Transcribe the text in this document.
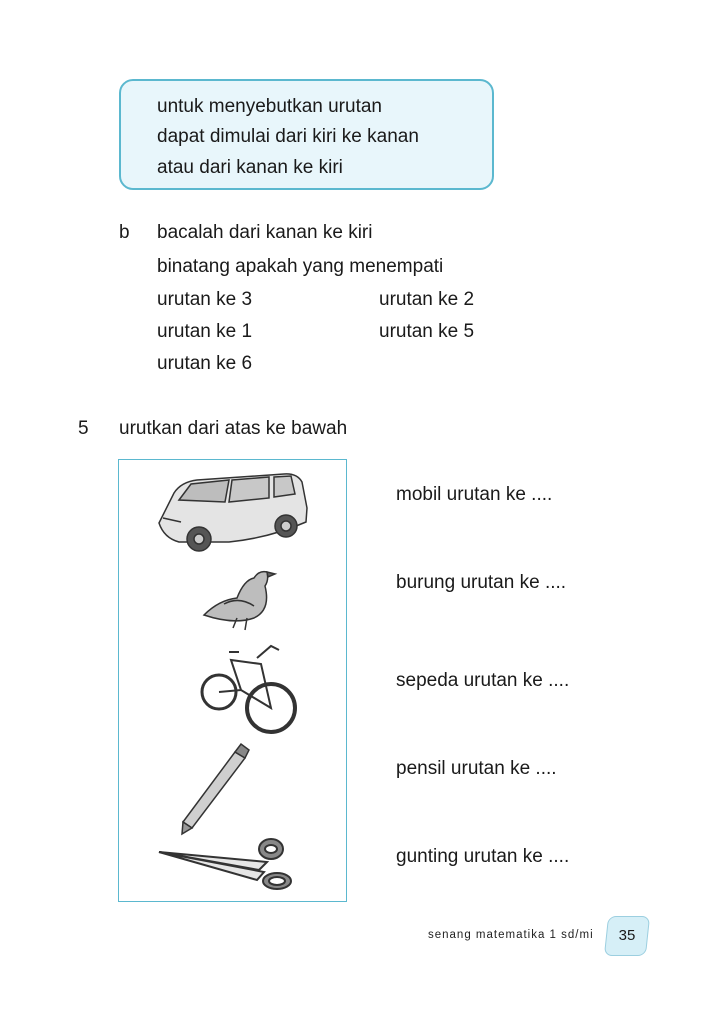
untuk menyebutkan urutan
dapat dimulai dari kiri ke kanan
atau dari kanan ke kiri
b bacalah dari kanan ke kiri
binatang apakah yang menempati
urutan ke 3	urutan ke 2
urutan ke 1	urutan ke 5
urutan ke 6
5 urutkan dari atas ke bawah
mobil urutan ke ....
burung urutan ke ....
sepeda urutan ke ....
pensil urutan ke ....
gunting urutan ke ....
senang matematika 1 sd/mi	35
